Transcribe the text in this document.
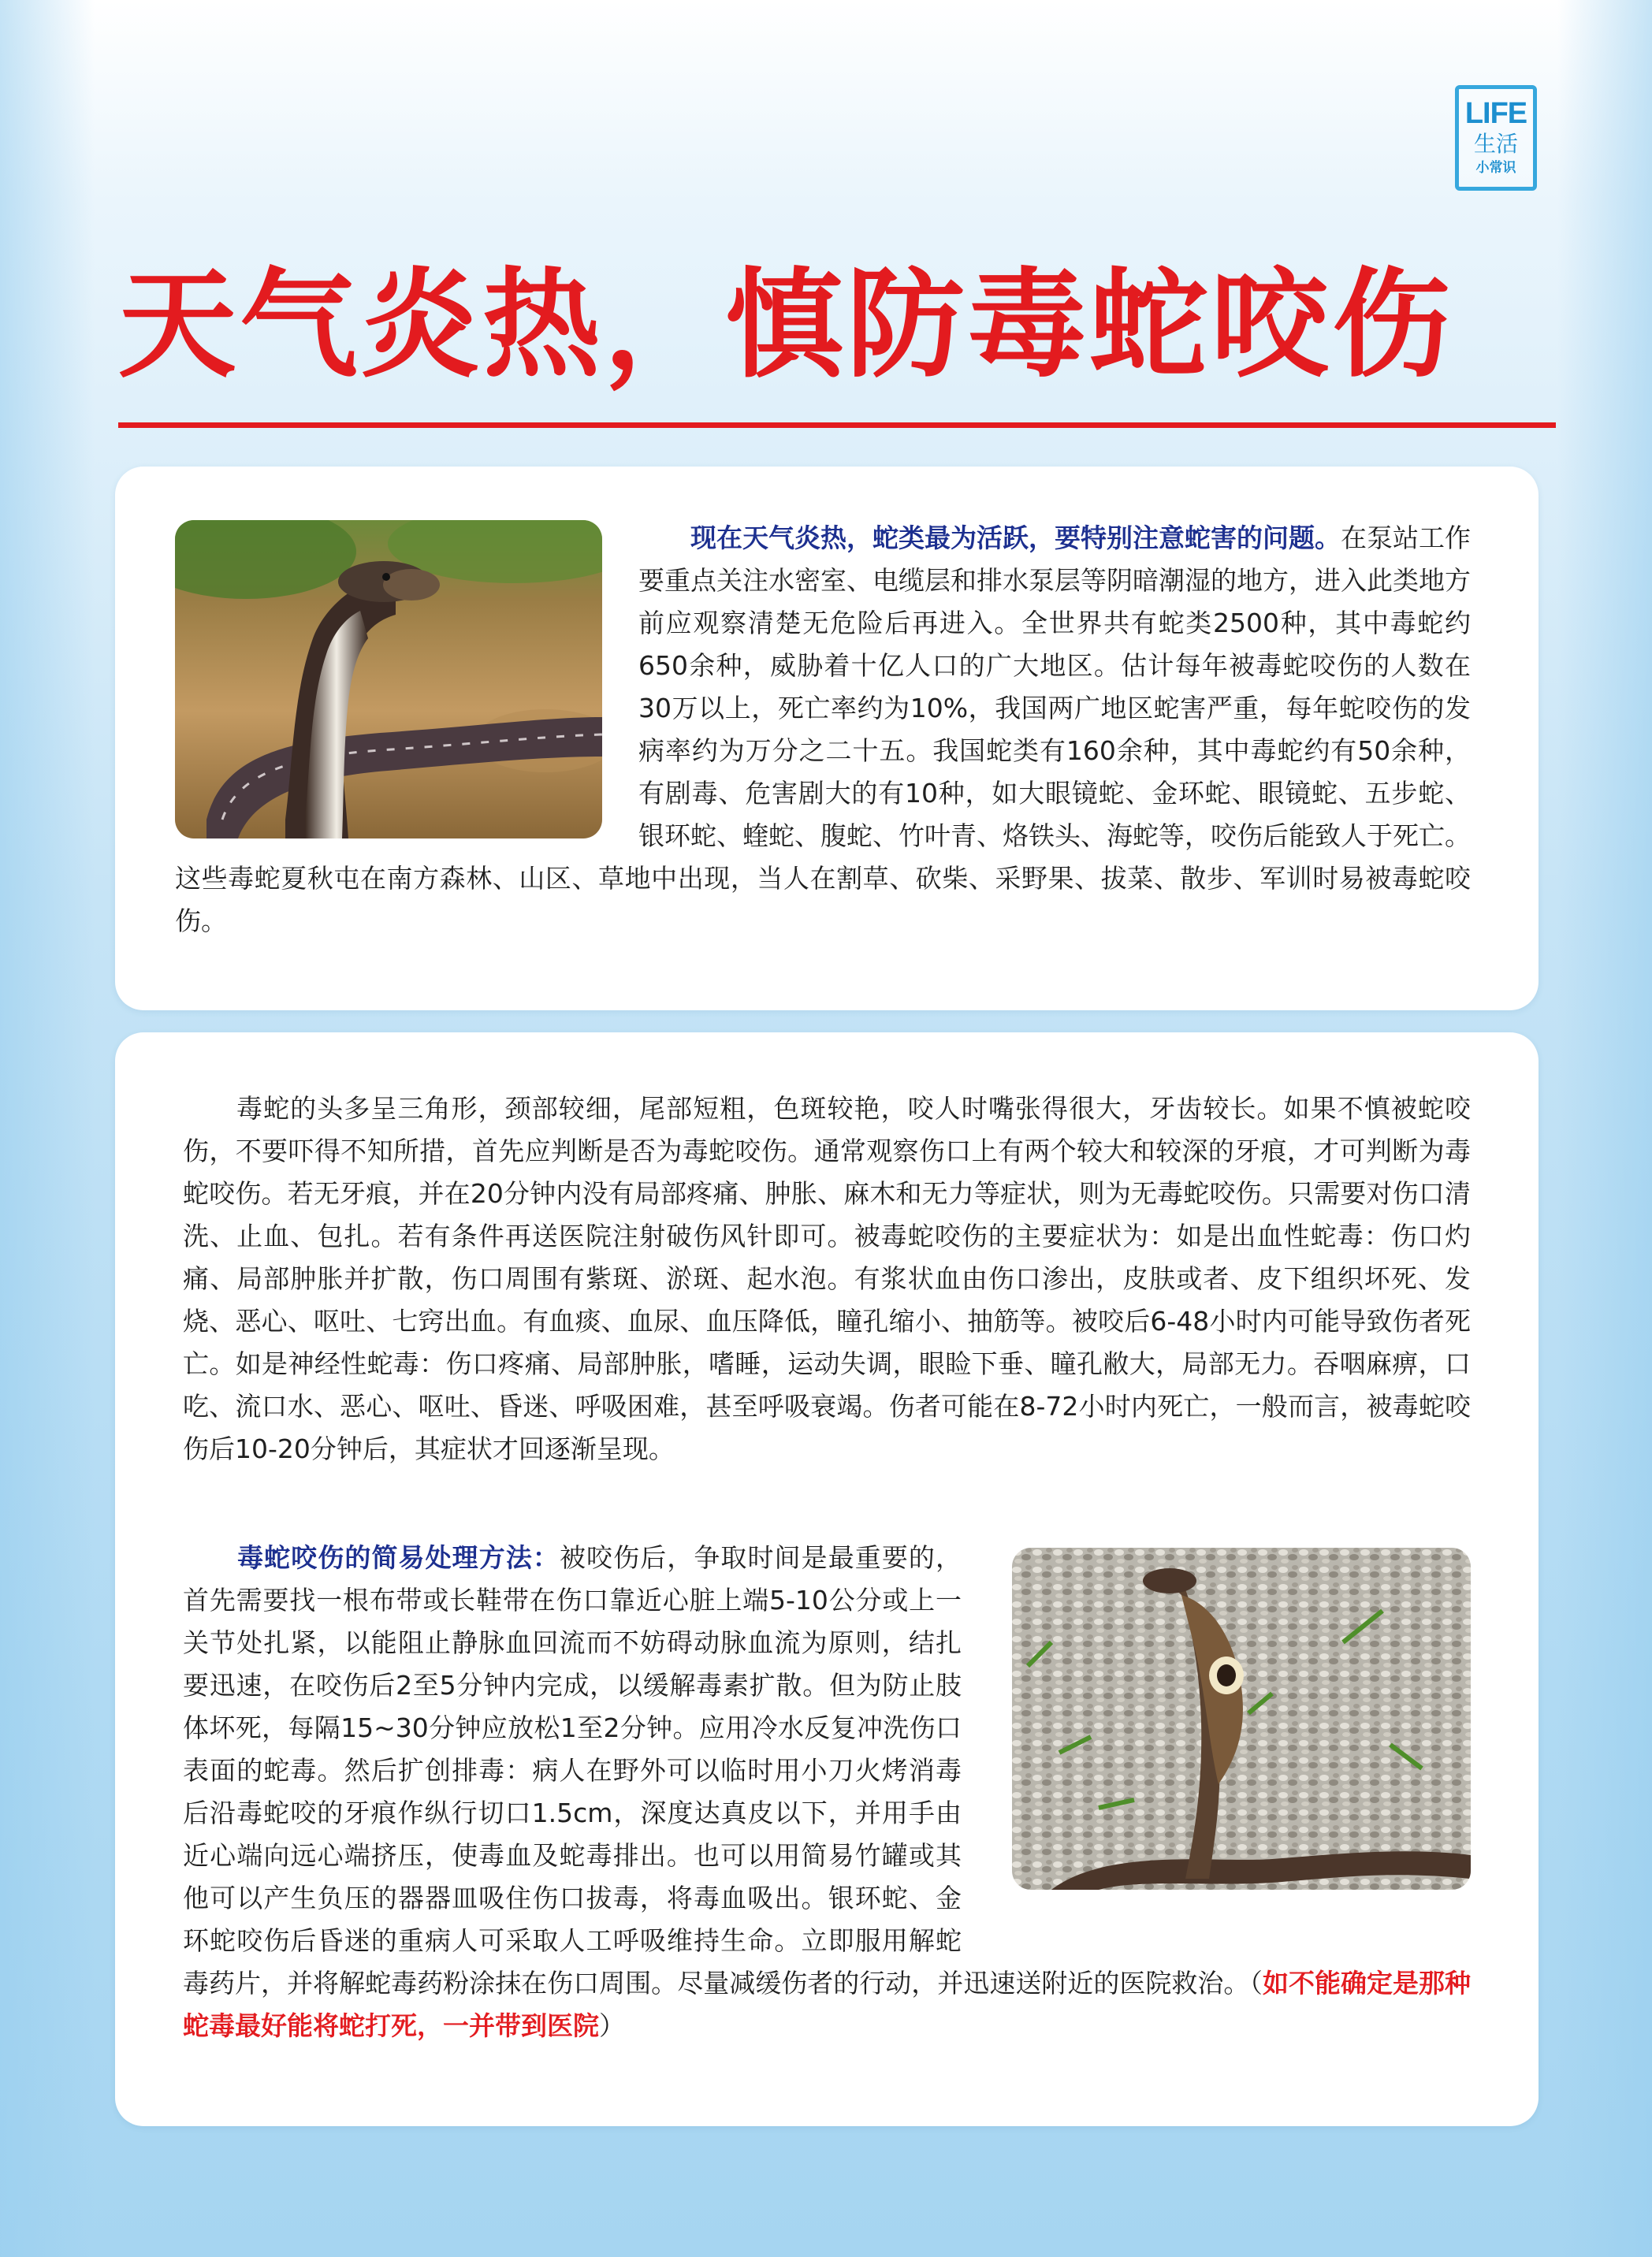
LIFE
生活
小常识
天气炎热，慎防毒蛇咬伤
现在天气炎热，蛇类最为活跃，要特别注意蛇害的问题。在泵站工作要重点关注水密室、电缆层和排水泵层等阴暗潮湿的地方，进入此类地方前应观察清楚无危险后再进入。全世界共有蛇类2500种，其中毒蛇约650余种，威胁着十亿人口的广大地区。估计每年被毒蛇咬伤的人数在30万以上，死亡率约为10%，我国两广地区蛇害严重，每年蛇咬伤的发病率约为万分之二十五。我国蛇类有160余种，其中毒蛇约有50余种，有剧毒、危害剧大的有10种，如大眼镜蛇、金环蛇、眼镜蛇、五步蛇、银环蛇、蝰蛇、腹蛇、竹叶青、烙铁头、海蛇等，咬伤后能致人于死亡。这些毒蛇夏秋屯在南方森林、山区、草地中出现，当人在割草、砍柴、采野果、拔菜、散步、军训时易被毒蛇咬伤。
毒蛇的头多呈三角形，颈部较细，尾部短粗，色斑较艳，咬人时嘴张得很大，牙齿较长。如果不慎被蛇咬伤，不要吓得不知所措，首先应判断是否为毒蛇咬伤。通常观察伤口上有两个较大和较深的牙痕，才可判断为毒蛇咬伤。若无牙痕，并在20分钟内没有局部疼痛、肿胀、麻木和无力等症状，则为无毒蛇咬伤。只需要对伤口清洗、止血、包扎。若有条件再送医院注射破伤风针即可。被毒蛇咬伤的主要症状为：如是出血性蛇毒：伤口灼痛、局部肿胀并扩散，伤口周围有紫斑、淤斑、起水泡。有浆状血由伤口渗出，皮肤或者、皮下组织坏死、发烧、恶心、呕吐、七窍出血。有血痰、血尿、血压降低，瞳孔缩小、抽筋等。被咬后6-48小时内可能导致伤者死亡。如是神经性蛇毒：伤口疼痛、局部肿胀，嗜睡，运动失调，眼睑下垂、瞳孔敝大，局部无力。吞咽麻痹，口吃、流口水、恶心、呕吐、昏迷、呼吸困难，甚至呼吸衰竭。伤者可能在8-72小时内死亡，一般而言，被毒蛇咬伤后10-20分钟后，其症状才回逐渐呈现。
毒蛇咬伤的简易处理方法：被咬伤后，争取时间是最重要的，首先需要找一根布带或长鞋带在伤口靠近心脏上端5-10公分或上一关节处扎紧，以能阻止静脉血回流而不妨碍动脉血流为原则，结扎要迅速，在咬伤后2至5分钟内完成，以缓解毒素扩散。但为防止肢体坏死，每隔15~30分钟应放松1至2分钟。应用冷水反复冲洗伤口表面的蛇毒。然后扩创排毒：病人在野外可以临时用小刀火烤消毒后沿毒蛇咬的牙痕作纵行切口1.5cm，深度达真皮以下，并用手由近心端向远心端挤压，使毒血及蛇毒排出。也可以用简易竹罐或其他可以产生负压的器器皿吸住伤口拔毒，将毒血吸出。银环蛇、金环蛇咬伤后昏迷的重病人可采取人工呼吸维持生命。立即服用解蛇毒药片，并将解蛇毒药粉涂抹在伤口周围。尽量减缓伤者的行动，并迅速送附近的医院救治。（如不能确定是那种蛇毒最好能将蛇打死，一并带到医院）
